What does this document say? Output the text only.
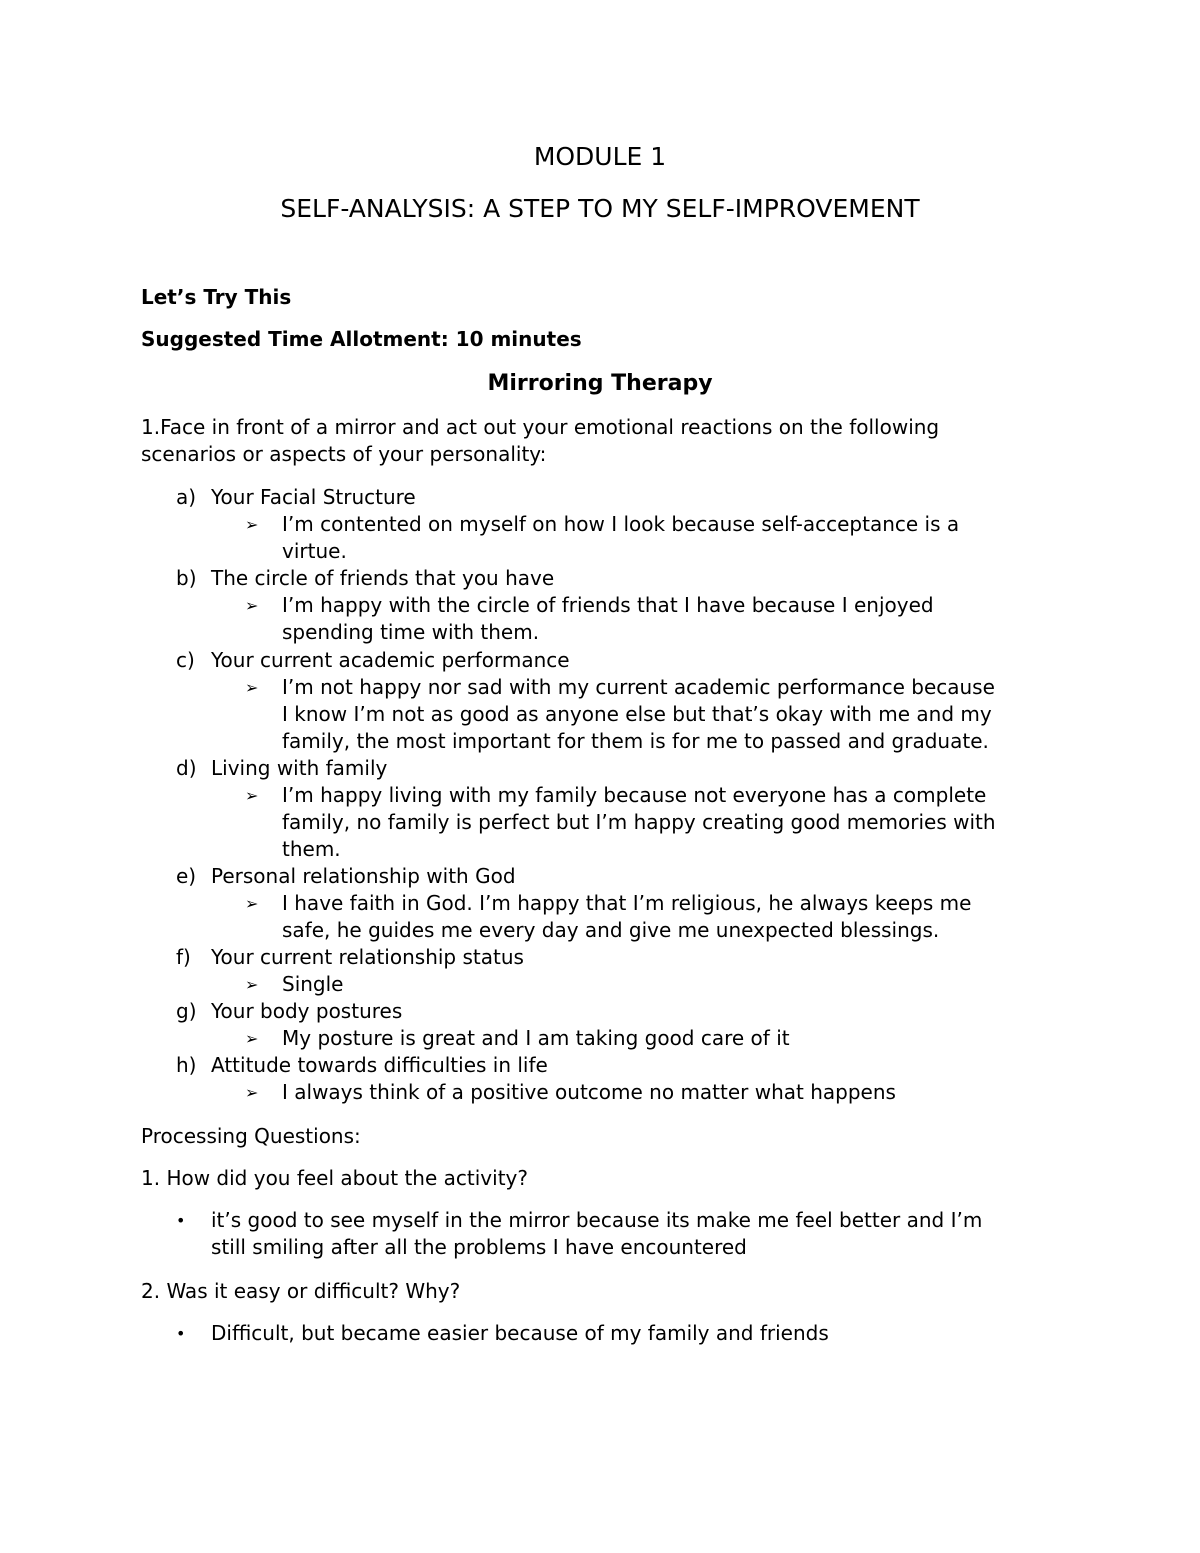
MODULE 1
SELF-ANALYSIS: A STEP TO MY SELF-IMPROVEMENT
Let’s Try This
Suggested Time Allotment: 10 minutes
Mirroring Therapy
1.Face in front of a mirror and act out your emotional reactions on the following
scenarios or aspects of your personality:
a) Your Facial Structure
➢ I’m contented on myself on how I look because self-acceptance is a
virtue.
b) The circle of friends that you have
➢ I’m happy with the circle of friends that I have because I enjoyed
spending time with them.
c) Your current academic performance
➢ I’m not happy nor sad with my current academic performance because
I know I’m not as good as anyone else but that’s okay with me and my
family, the most important for them is for me to passed and graduate.
d) Living with family
➢ I’m happy living with my family because not everyone has a complete
family, no family is perfect but I’m happy creating good memories with
them.
e) Personal relationship with God
➢ I have faith in God. I’m happy that I’m religious, he always keeps me
safe, he guides me every day and give me unexpected blessings.
f) Your current relationship status
➢ Single
g) Your body postures
➢ My posture is great and I am taking good care of it
h) Attitude towards difficulties in life
➢ I always think of a positive outcome no matter what happens
Processing Questions:
1. How did you feel about the activity?
• it’s good to see myself in the mirror because its make me feel better and I’m
still smiling after all the problems I have encountered
2. Was it easy or difficult? Why?
• Difficult, but became easier because of my family and friends
